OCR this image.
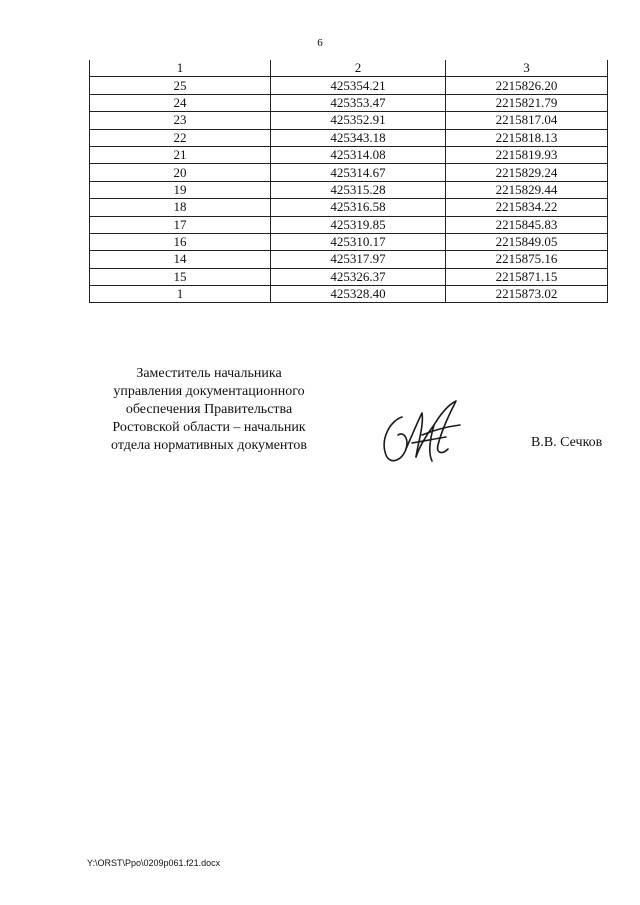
6
1	2	3
25	425354.21	2215826.20
24	425353.47	2215821.79
23	425352.91	2215817.04
22	425343.18	2215818.13
21	425314.08	2215819.93
20	425314.67	2215829.24
19	425315.28	2215829.44
18	425316.58	2215834.22
17	425319.85	2215845.83
16	425310.17	2215849.05
14	425317.97	2215875.16
15	425326.37	2215871.15
1	425328.40	2215873.02
Заместитель начальника
управления документационного
обеспечения Правительства
Ростовской области – начальник
отдела нормативных документов	В.В. Сечков
Y:\ORST\Ppo\0209p061.f21.docx
